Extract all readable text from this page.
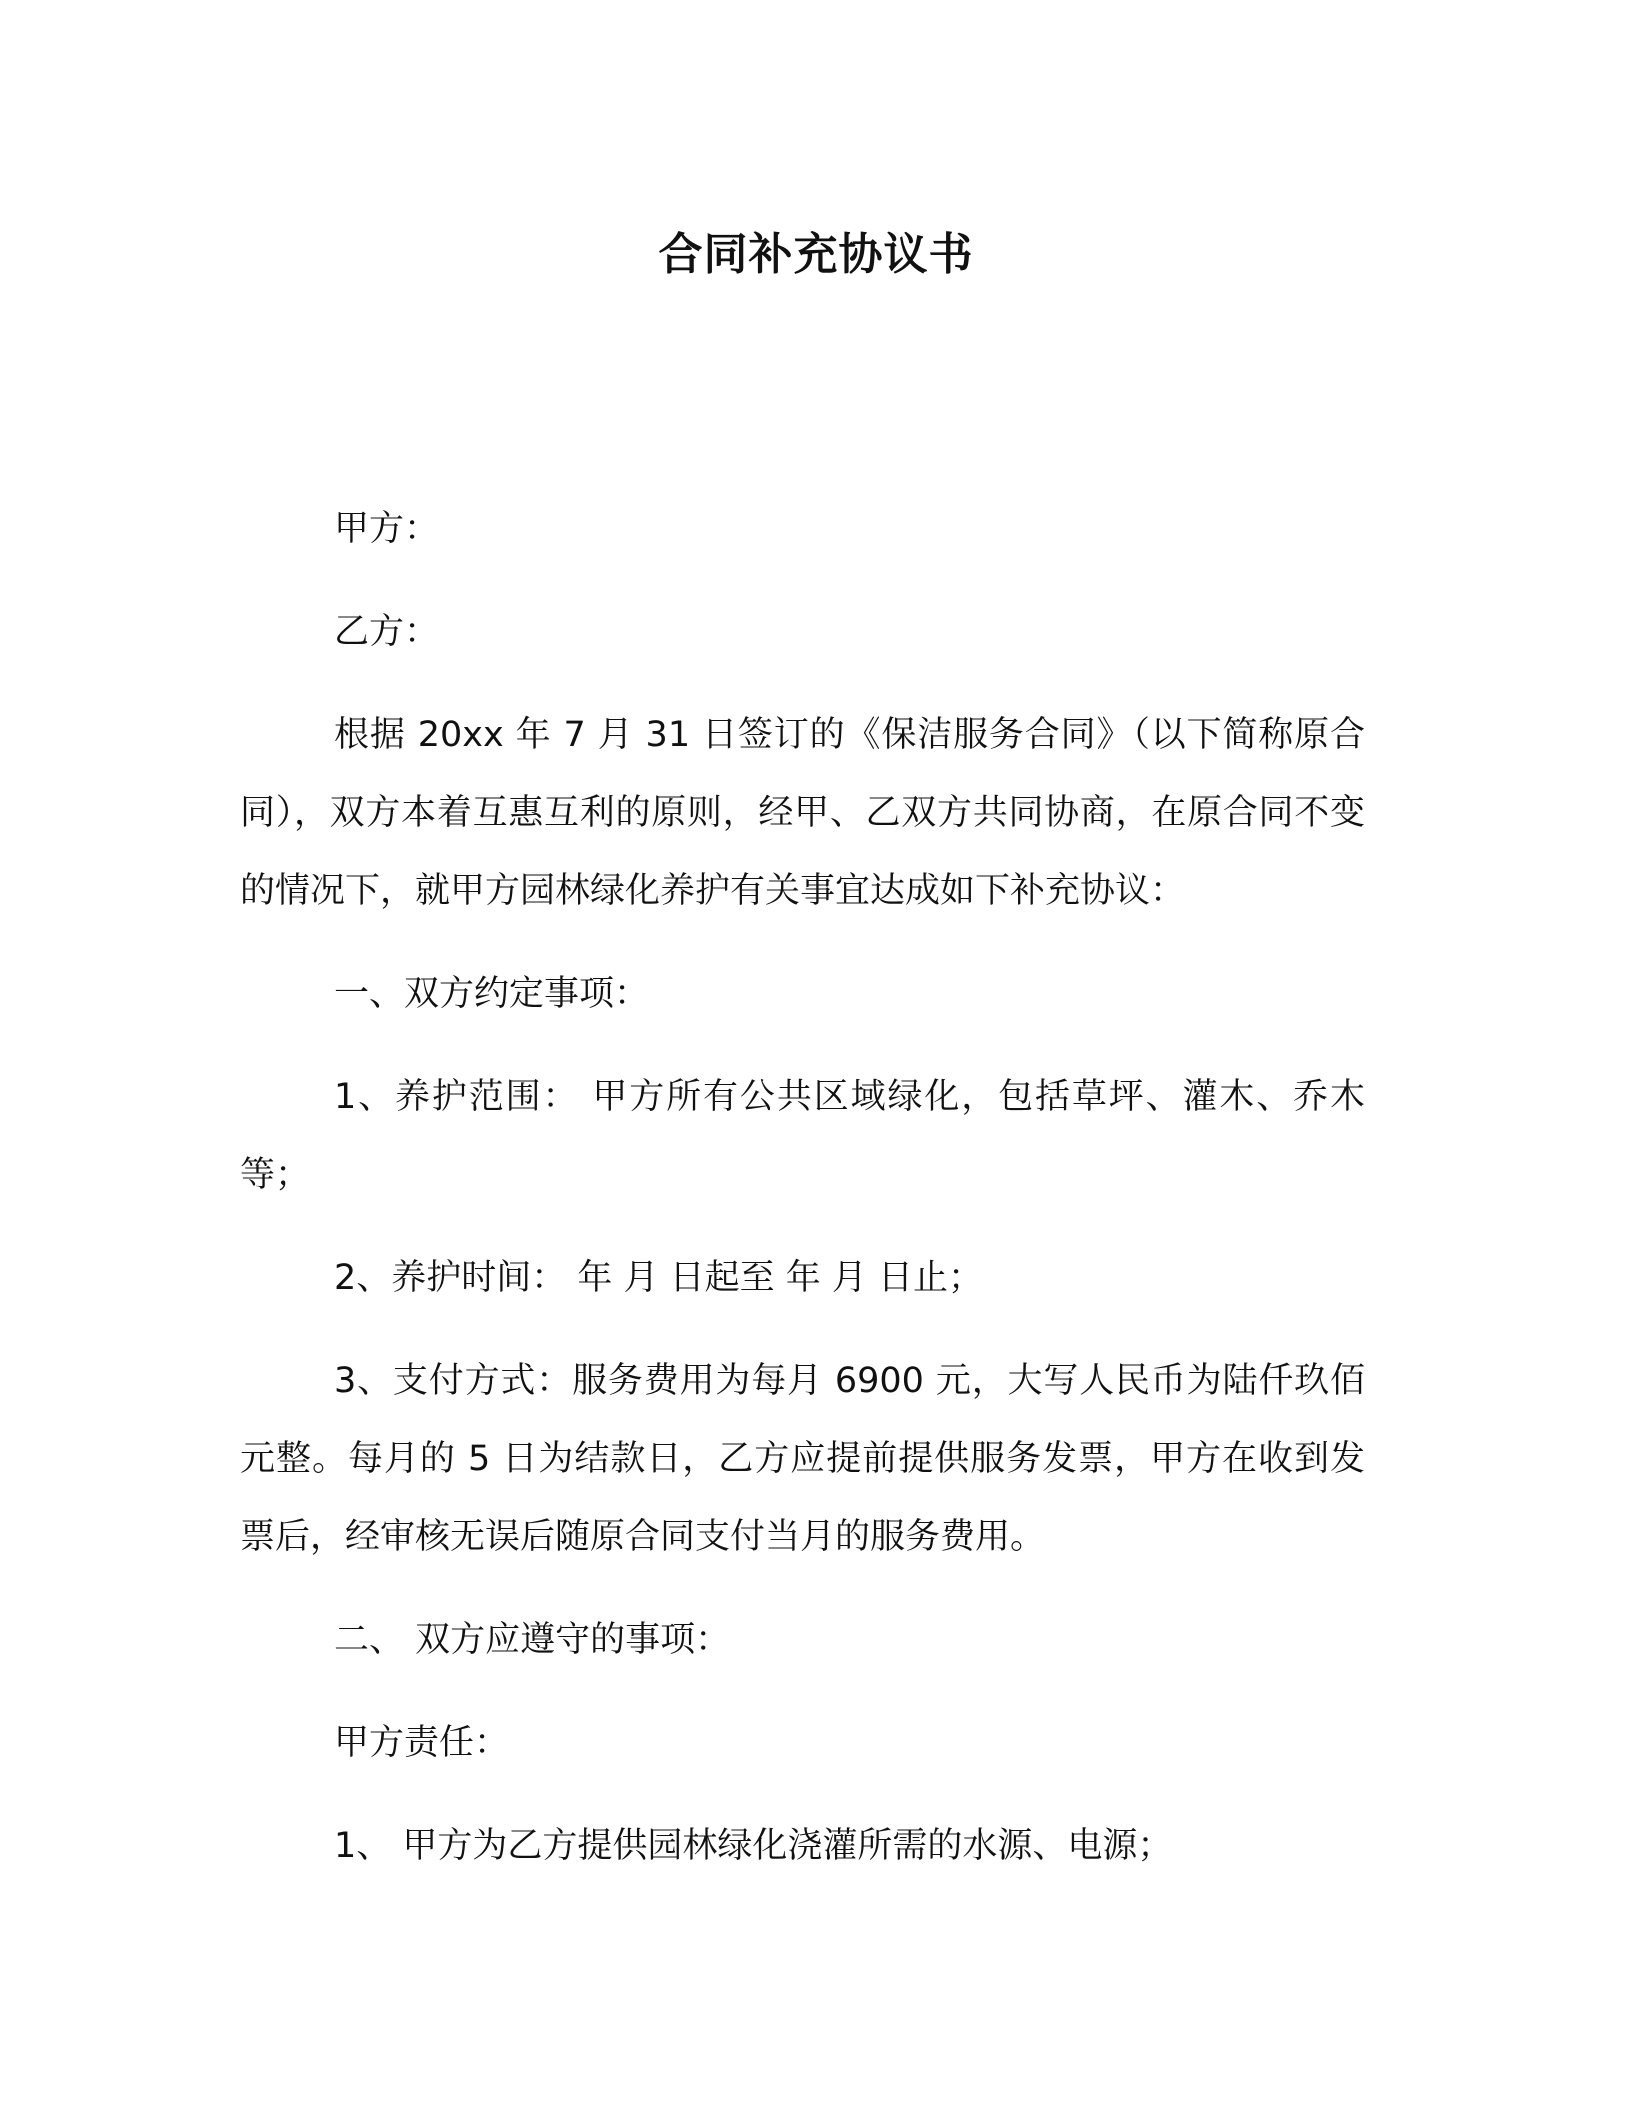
合同补充协议书

甲方：

乙方：

根据 20xx 年 7 月 31 日签订的《保洁服务合同》（以下简称原合同），双方本着互惠互利的原则，经甲、乙双方共同协商，在原合同不变的情况下，就甲方园林绿化养护有关事宜达成如下补充协议：

一、双方约定事项：

1、养护范围： 甲方所有公共区域绿化，包括草坪、灌木、乔木等；

2、养护时间： 年 月 日起至 年 月 日止；

3、支付方式：服务费用为每月 6900 元，大写人民币为陆仟玖佰元整。每月的 5 日为结款日，乙方应提前提供服务发票，甲方在收到发票后，经审核无误后随原合同支付当月的服务费用。

二、 双方应遵守的事项：

甲方责任：

1、 甲方为乙方提供园林绿化浇灌所需的水源、电源；
